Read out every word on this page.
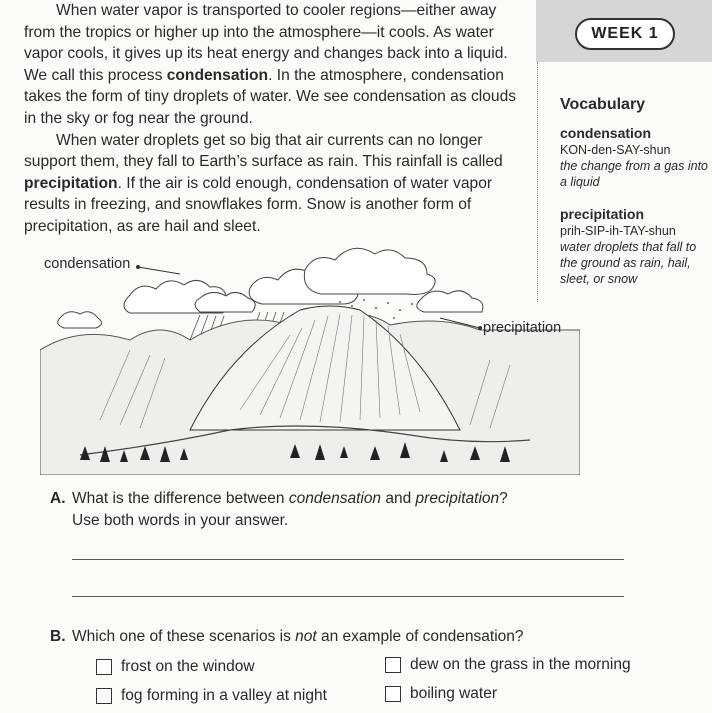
WEEK 1

When water vapor is transported to cooler regions—either away from the tropics or higher up into the atmosphere—it cools. As water vapor cools, it gives up its heat energy and changes back into a liquid. We call this process condensation. In the atmosphere, condensation takes the form of tiny droplets of water. We see condensation as clouds in the sky or fog near the ground.

When water droplets get so big that air currents can no longer support them, they fall to Earth’s surface as rain. This rainfall is called precipitation. If the air is cold enough, condensation of water vapor results in freezing, and snowflakes form. Snow is another form of precipitation, as are hail and sleet.

Vocabulary
condensation
KON-den-SAY-shun
the change from a gas into a liquid
precipitation
prih-SIP-ih-TAY-shun
water droplets that fall to the ground as rain, hail, sleet, or snow
condensation
precipitation
A. What is the difference between condensation and precipitation?
Use both words in your answer.
B. Which one of these scenarios is not an example of condensation?
frost on the window	dew on the grass in the morning
fog forming in a valley at night	boiling water
